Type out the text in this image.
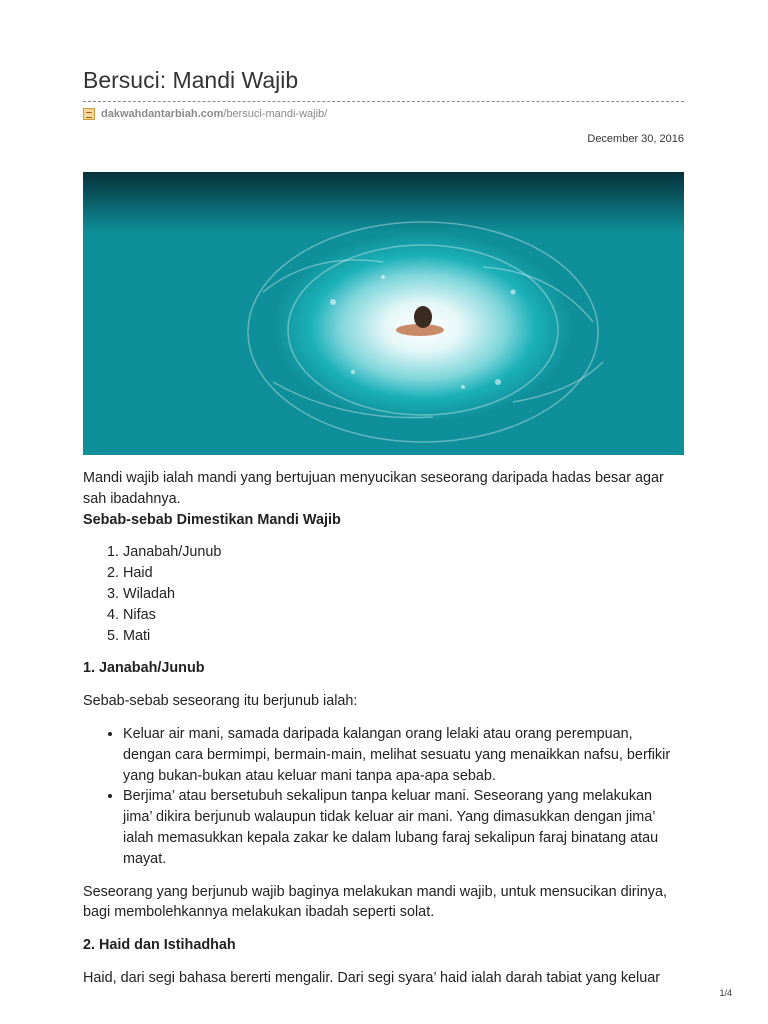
Bersuci: Mandi Wajib
dakwahdantarbiah.com /bersuci-mandi-wajib/
December 30, 2016

Mandi wajib ialah mandi yang bertujuan menyucikan seseorang daripada hadas besar agar sah ibadahnya.

Sebab-sebab Dimestikan Mandi Wajib

1. Janabah/Junub
2. Haid
3. Wiladah
4. Nifas
5. Mati

1. Janabah/Junub

Sebab-sebab seseorang itu berjunub ialah:

• Keluar air mani, samada daripada kalangan orang lelaki atau orang perempuan, dengan cara bermimpi, bermain-main, melihat sesuatu yang menaikkan nafsu, berfikir yang bukan-bukan atau keluar mani tanpa apa-apa sebab.
• Berjima’ atau bersetubuh sekalipun tanpa keluar mani. Seseorang yang melakukan jima’ dikira berjunub walaupun tidak keluar air mani. Yang dimasukkan dengan jima’ ialah memasukkan kepala zakar ke dalam lubang faraj sekalipun faraj binatang atau mayat.

Seseorang yang berjunub wajib baginya melakukan mandi wajib, untuk mensucikan dirinya, bagi membolehkannya melakukan ibadah seperti solat.

2. Haid dan Istihadhah

Haid, dari segi bahasa bererti mengalir. Dari segi syara’ haid ialah darah tabiat yang keluar

1/4
